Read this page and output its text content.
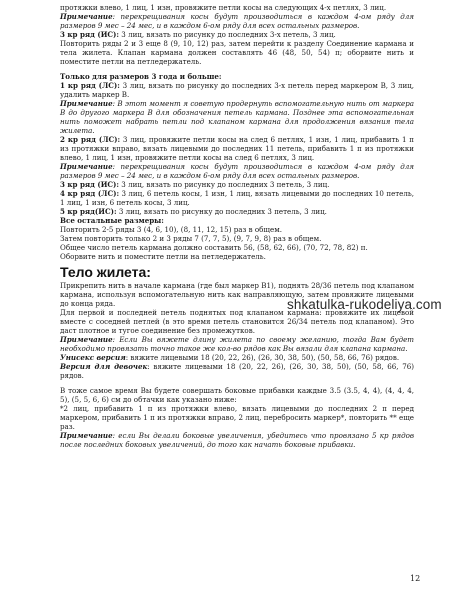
протяжки влево, 1 лиц, 1 изн, провяжите петли косы на следующих 4-х петлях, 3 лиц.

Примечание: перекрещивания косы будут производиться в каждом 4-ом ряду для размеров 9 мес – 24 мес, и в каждом 6-ом ряду для всех остальных размеров.

3 кр ряд (ИС): 3 лиц, вязать по рисунку до последних 3-х петель, 3 лиц.

Повторить ряды 2 и 3 еще 8 (9, 10, 12) раз, затем перейти к разделу Соединение кармана и тела жилета. Клапан кармана должен составлять 46 (48, 50, 54) п; оборвите нить и поместите петли на петледержатель.

Только для размеров 3 года и больше:

1 кр ряд (ЛС): 3 лиц, вязать по рисунку до последних 3-х петель перед маркером В, 3 лиц, удалить маркер В.

Примечание: В этот момент я советую продернуть вспомогательную нить от маркера В до другого маркера В для обозначения петель кармана. Позднее эта вспомогательная нить поможет набрать петли под клапаном кармана для продолжения вязания тела жилета.

2 кр ряд (ЛС): 3 лиц, провяжите петли косы на след 6 петлях, 1 изн, 1 лиц, прибавить 1 п из протяжки вправо, вязать лицевыми до последних 11 петель, прибавить 1 п из протяжки влево, 1 лиц, 1 изн, провяжите петли косы на след 6 петлях, 3 лиц.

Примечание: перекрещивания косы будут производиться в каждом 4-ом ряду для размеров 9 мес – 24 мес, и в каждом 6-ом ряду для всех остальных размеров.

3 кр ряд (ИС): 3 лиц, вязать по рисунку до последних 3 петель, 3 лиц.

4 кр ряд (ЛС): 3 лиц, 6 петель косы, 1 изн, 1 лиц, вязать лицевыми до последних 10 петель, 1 лиц, 1 изн, 6 петель косы, 3 лиц.

5 кр ряд(ИС): 3 лиц, вязать по рисунку до последних 3 петель, 3 лиц.

Все остальные размеры:

Повторить 2-5 ряды 3 (4, 6, 10), (8, 11, 12, 15) раз в общем.

Затем повторить только 2 и 3 ряды 7 (7, 7, 5), (9, 7, 9, 8) раз в общем.

Общее число петель кармана должно составить 56, (58, 62, 66), (70, 72, 78, 82) п.

Оборвите нить и поместите петли на петледержатель.

Тело жилета:

Прикрепить нить в начале кармана (где был маркер В1), поднять 28/36 петель под клапаном кармана, используя вспомогательную нить как направляющую, затем провяжите лицевыми до конца ряда.

Для первой и последней петель поднятых под клапаном кармана: провяжите их лицевой вместе с соседней петлей (в это время петель становится 26/34 петель под клапаном). Это даст плотное и тугое соединение без промежутков.

Примечание: Если Вы вяжете длину жилета по своему желанию, тогда Вам будет необходимо провязать точно такое же кол-во рядов как Вы вязали для клапана кармана.

Унисекс версия: вяжите лицевыми 18 (20, 22, 26), (26, 30, 38, 50), (50, 58, 66, 76) рядов.

Версия для девочек: вяжите лицевыми 18 (20, 22, 26), (26, 30, 38, 50), (50, 58, 66, 76) рядов.

В тоже самое время Вы будете совершать боковые прибавки каждые 3.5 (3.5, 4, 4), (4, 4, 4, 5), (5, 5, 6, 6) см до обтачки как указано ниже:

*2 лиц, прибавить 1 п из протяжки влево, вязать лицевыми до последних 2 п перед маркером, прибавить 1 п из протяжки вправо, 2 лиц, переброcить маркер*, повторить ** еще раз.

Примечание: если Вы делали боковые увеличения, убедитесь что провязано 5 кр рядов после последних боковых увеличений, до того как начать боковые прибавки.

shkatulka-rukodeliya.com
12
